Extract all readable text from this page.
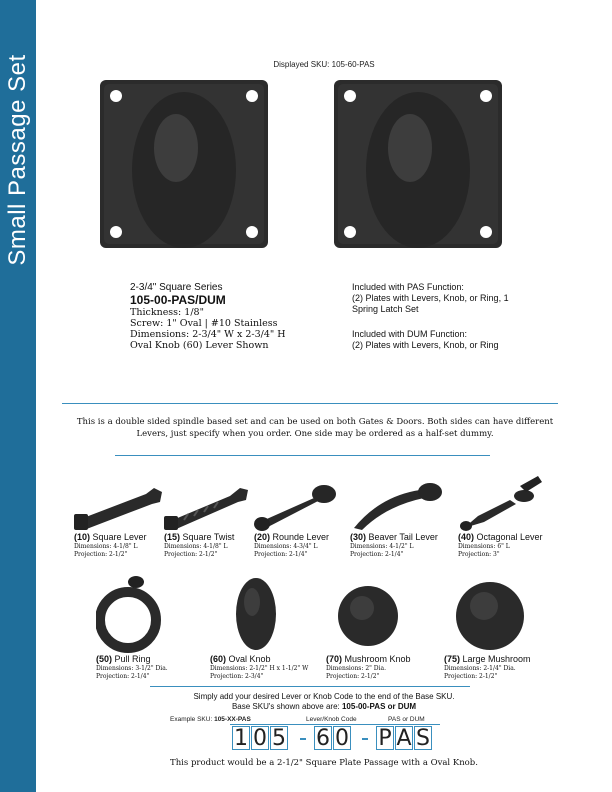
Small Passage Set	Displayed SKU: 105-60-PAS
2-3/4" Square Series
105-00-PAS/DUM
Thickness: 1/8"
Screw: 1" Oval | #10 Stainless
Dimensions: 2-3/4" W x 2-3/4" H
Oval Knob (60) Lever Shown
Included with PAS Function:
(2) Plates with Levers, Knob, or Ring, 1 Spring Latch Set
Included with DUM Function:
(2) Plates with Levers, Knob, or Ring
This is a double sided spindle based set and can be used on both Gates & Doors. Both sides can have different
Levers, just specify when you order. One side may be ordered as a half-set dummy.
(10) Square Lever
Dimensions: 4-1/8" L
Projection: 2-1/2"
(15) Square Twist
Dimensions: 4-1/8" L
Projection: 2-1/2"
(20) Rounde Lever
Dimensions: 4-3/4" L
Projection: 2-1/4"
(30) Beaver Tail Lever
Dimensions: 4-1/2" L
Projection: 2-1/4"
(40) Octagonal Lever
Dimensions: 6" L
Projection: 3"
(50) Pull Ring
Dimensions: 3-1/2" Dia.
Projection: 2-1/4"
(60) Oval Knob
Dimensions: 2-1/2" H x 1-1/2" W
Projection: 2-3/4"
(70) Mushroom Knob
Dimensions: 2" Dia.
Projection: 2-1/2"
(75) Large Mushroom
Dimensions: 2-1/4" Dia.
Projection: 2-1/2"
Simply add your desired Lever or Knob Code to the end of the Base SKU.
Base SKU's shown above are: 105-00-PAS or DUM
Example SKU: 105-XX-PAS	Lever/Knob Code	PAS or DUM
1 0 5 6 0 P A S
This product would be a 2-1/2" Square Plate Passage with a Oval Knob.
